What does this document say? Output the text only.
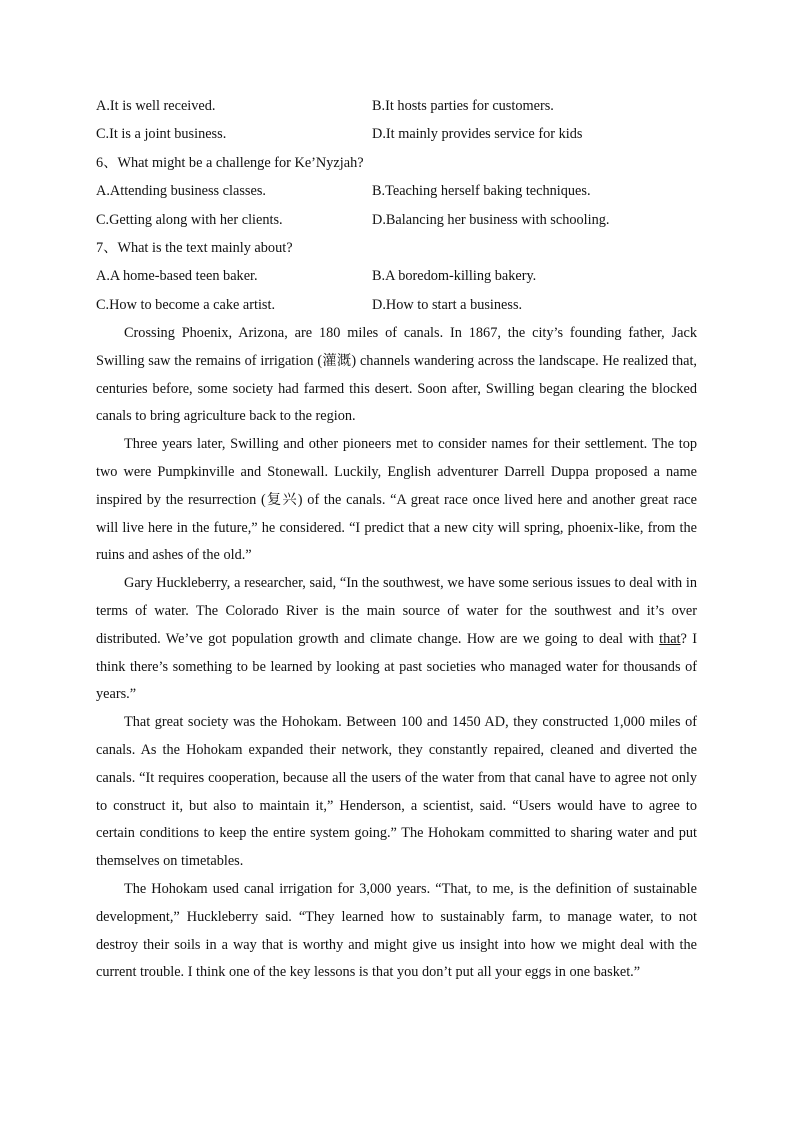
A.It is well received.	B.It hosts parties for customers.
C.It is a joint business.	D.It mainly provides service for kids
6、What might be a challenge for Ke’Nyzjah?
A.Attending business classes.	B.Teaching herself baking techniques.
C.Getting along with her clients.	D.Balancing her business with schooling.
7、What is the text mainly about?
A.A home-based teen baker.	B.A boredom-killing bakery.
C.How to become a cake artist.	D.How to start a business.

Crossing Phoenix, Arizona, are 180 miles of canals. In 1867, the city’s founding father, Jack Swilling saw the remains of irrigation (灌溉) channels wandering across the landscape. He realized that, centuries before, some society had farmed this desert. Soon after, Swilling began clearing the blocked canals to bring agriculture back to the region.

Three years later, Swilling and other pioneers met to consider names for their settlement. The top two were Pumpkinville and Stonewall. Luckily, English adventurer Darrell Duppa proposed a name inspired by the resurrection (复兴) of the canals. “A great race once lived here and another great race will live here in the future,” he considered. “I predict that a new city will spring, phoenix-like, from the ruins and ashes of the old.”

Gary Huckleberry, a researcher, said, “In the southwest, we have some serious issues to deal with in terms of water. The Colorado River is the main source of water for the southwest and it’s over distributed. We’ve got population growth and climate change. How are we going to deal with that? I think there’s something to be learned by looking at past societies who managed water for thousands of years.”

That great society was the Hohokam. Between 100 and 1450 AD, they constructed 1,000 miles of canals. As the Hohokam expanded their network, they constantly repaired, cleaned and diverted the canals. “It requires cooperation, because all the users of the water from that canal have to agree not only to construct it, but also to maintain it,” Henderson, a scientist, said. “Users would have to agree to certain conditions to keep the entire system going.” The Hohokam committed to sharing water and put themselves on timetables.

The Hohokam used canal irrigation for 3,000 years. “That, to me, is the definition of sustainable development,” Huckleberry said. “They learned how to sustainably farm, to manage water, to not destroy their soils in a way that is worthy and might give us insight into how we might deal with the current trouble. I think one of the key lessons is that you don’t put all your eggs in one basket.”
